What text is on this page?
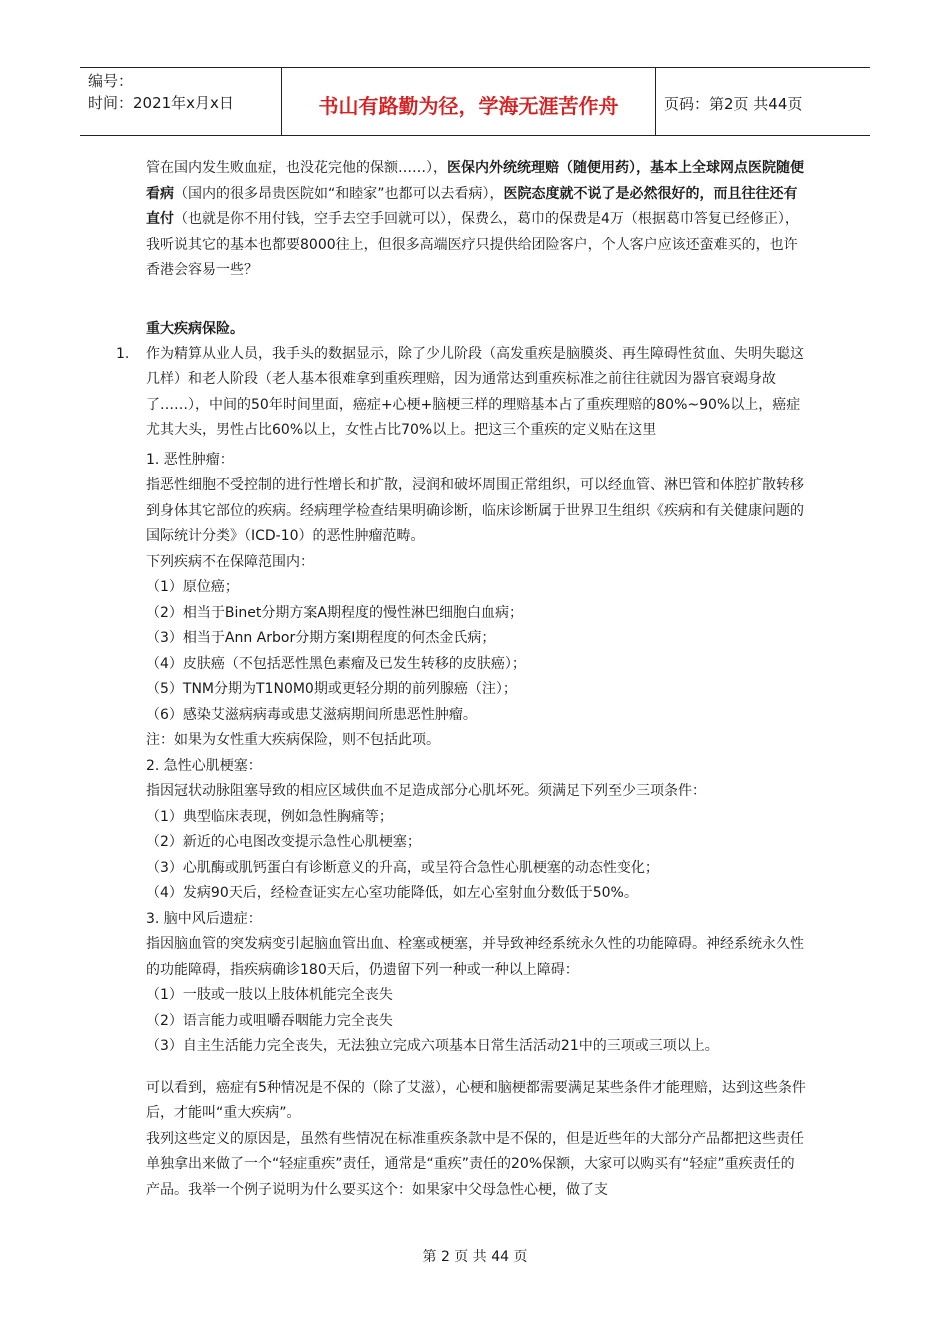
编号：
时间：2021年x月x日	书山有路勤为径，学海无涯苦作舟	页码：第2页 共44页

管在国内发生败血症，也没花完他的保额……），医保内外统统理赔（随便用药），基本上全球网点医院随便看病（国内的很多昂贵医院如“和睦家”也都可以去看病），医院态度就不说了是必然很好的，而且往往还有直付（也就是你不用付钱，空手去空手回就可以），保费么，葛巾的保费是4万（根据葛巾答复已经修正），我听说其它的基本也都要8000往上，但很多高端医疗只提供给团险客户，个人客户应该还蛮难买的，也许香港会容易一些？

重大疾病保险。

1. 作为精算从业人员，我手头的数据显示，除了少儿阶段（高发重疾是脑膜炎、再生障碍性贫血、失明失聪这几样）和老人阶段（老人基本很难拿到重疾理赔，因为通常达到重疾标准之前往往就因为器官衰竭身故了……），中间的50年时间里面，癌症+心梗+脑梗三样的理赔基本占了重疾理赔的80%~90%以上，癌症尤其大头，男性占比60%以上，女性占比70%以上。把这三个重疾的定义贴在这里

1. 恶性肿瘤：

指恶性细胞不受控制的进行性增长和扩散，浸润和破坏周围正常组织，可以经血管、淋巴管和体腔扩散转移到身体其它部位的疾病。经病理学检查结果明确诊断，临床诊断属于世界卫生组织《疾病和有关健康问题的国际统计分类》（ICD-10）的恶性肿瘤范畴。

下列疾病不在保障范围内：

（1）原位癌；

（2）相当于Binet分期方案A期程度的慢性淋巴细胞白血病；

（3）相当于Ann Arbor分期方案I期程度的何杰金氏病；

（4）皮肤癌（不包括恶性黑色素瘤及已发生转移的皮肤癌）；

（5）TNM分期为T1N0M0期或更轻分期的前列腺癌（注）；

（6）感染艾滋病病毒或患艾滋病期间所患恶性肿瘤。

注：如果为女性重大疾病保险，则不包括此项。

2. 急性心肌梗塞：

指因冠状动脉阻塞导致的相应区域供血不足造成部分心肌坏死。须满足下列至少三项条件：

（1）典型临床表现，例如急性胸痛等；

（2）新近的心电图改变提示急性心肌梗塞；

（3）心肌酶或肌钙蛋白有诊断意义的升高，或呈符合急性心肌梗塞的动态性变化；

（4）发病90天后，经检查证实左心室功能降低，如左心室射血分数低于50%。

3. 脑中风后遗症：

指因脑血管的突发病变引起脑血管出血、栓塞或梗塞，并导致神经系统永久性的功能障碍。神经系统永久性的功能障碍，指疾病确诊180天后，仍遗留下列一种或一种以上障碍：

（1）一肢或一肢以上肢体机能完全丧失

（2）语言能力或咀嚼吞咽能力完全丧失

（3）自主生活能力完全丧失，无法独立完成六项基本日常生活活动21中的三项或三项以上。

可以看到，癌症有5种情况是不保的（除了艾滋），心梗和脑梗都需要满足某些条件才能理赔，达到这些条件后，才能叫“重大疾病”。

我列这些定义的原因是，虽然有些情况在标准重疾条款中是不保的，但是近些年的大部分产品都把这些责任单独拿出来做了一个“轻症重疾”责任，通常是“重疾”责任的20%保额，大家可以购买有“轻症”重疾责任的产品。我举一个例子说明为什么要买这个：如果家中父母急性心梗，做了支

第 2 页 共 44 页
